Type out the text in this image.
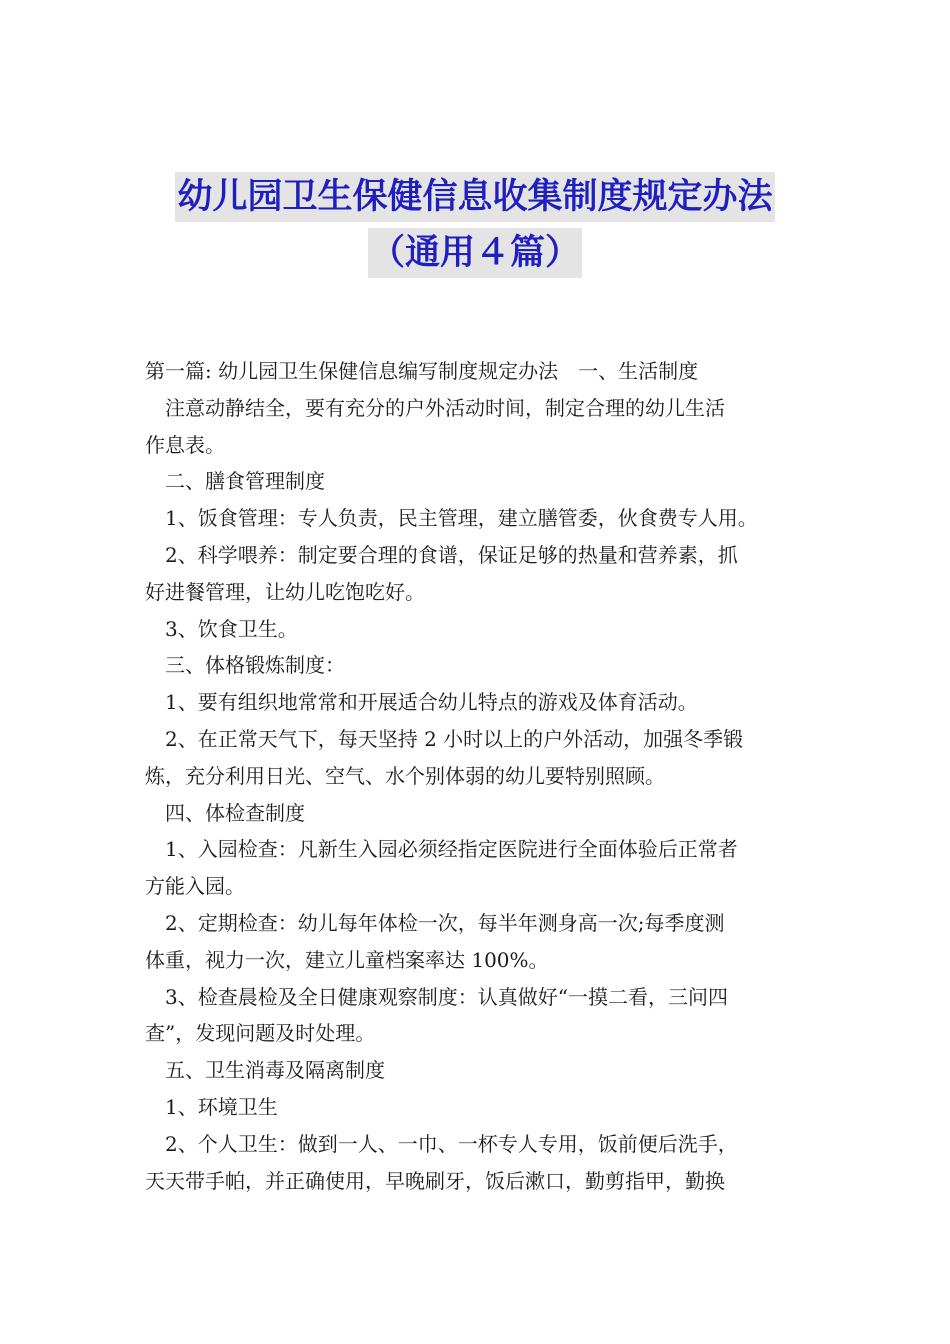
幼儿园卫生保健信息收集制度规定办法
（通用４篇）
第一篇: 幼儿园卫生保健信息编写制度规定办法　一、生活制度
注意动静结全，要有充分的户外活动时间，制定合理的幼儿生活
作息表。
二、膳食管理制度
1、饭食管理：专人负责，民主管理，建立膳管委，伙食费专人用。
2、科学喂养：制定要合理的食谱，保证足够的热量和营养素，抓
好进餐管理，让幼儿吃饱吃好。
3、饮食卫生。
三、体格锻炼制度：
1、要有组织地常常和开展适合幼儿特点的游戏及体育活动。
2、在正常天气下，每天坚持 2 小时以上的户外活动，加强冬季锻
炼，充分利用日光、空气、水个别体弱的幼儿要特别照顾。
四、体检查制度
1、入园检查：凡新生入园必须经指定医院进行全面体验后正常者
方能入园。
2、定期检查：幼儿每年体检一次，每半年测身高一次;每季度测
体重，视力一次，建立儿童档案率达 100%。
3、检查晨检及全日健康观察制度：认真做好“一摸二看，三问四
查”，发现问题及时处理。
五、卫生消毒及隔离制度
1、环境卫生
2、个人卫生：做到一人、一巾、一杯专人专用，饭前便后洗手，
天天带手帕，并正确使用，早晚刷牙，饭后漱口，勤剪指甲，勤换
